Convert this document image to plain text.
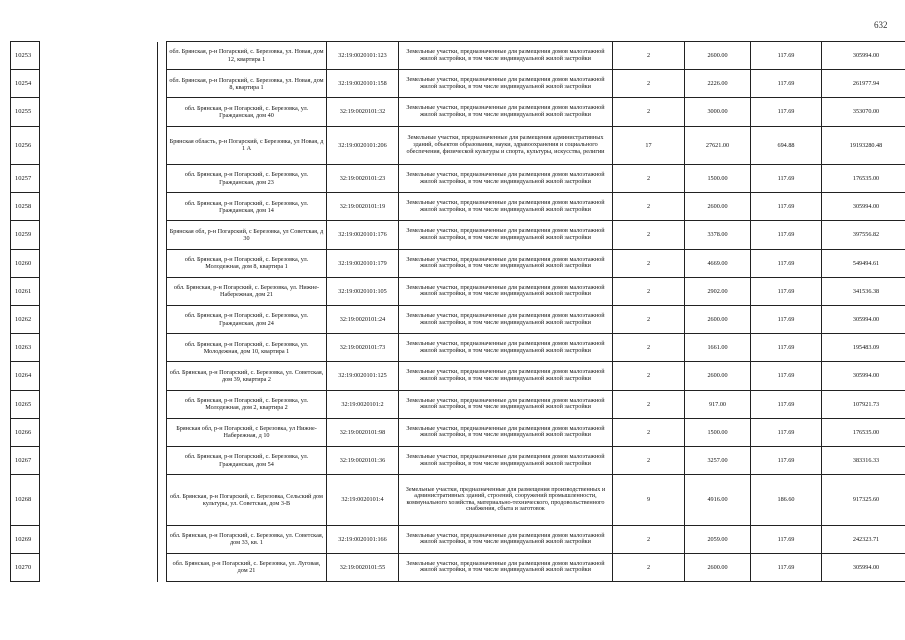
632
10253			обл. Брянская, р-н Погарский, с. Березовка, ул. Новая, дом 12, квартира 1	32:19:0020101:123	Земельные участки, предназначенные для размещения домов малоэтажной жилой застройки, в том числе индивидуальной жилой застройки	2	2600.00	117.69	305994.00
10254			обл. Брянская, р-н Погарский, с. Березовка, ул. Новая, дом 8, квартира 1	32:19:0020101:158	Земельные участки, предназначенные для размещения домов малоэтажной жилой застройки, в том числе индивидуальной жилой застройки	2	2226.00	117.69	261977.94
10255			обл. Брянская, р-н Погарский, с. Березовка, ул. Гражданская, дом 40	32:19:0020101:32	Земельные участки, предназначенные для размещения домов малоэтажной жилой застройки, в том числе индивидуальной жилой застройки	2	3000.00	117.69	353070.00
10256			Брянская область, р-н Погарский, с Березовка, ул Новая, д 1 А	32:19:0020101:206	Земельные участки, предназначенные для размещения административных зданий, объектов образования, науки, здравоохранения и социального обеспечения, физической культуры и спорта, культуры, искусства, религии	17	27621.00	694.88	19193280.48
10257			обл. Брянская, р-н Погарский, с. Березовка, ул. Гражданская, дом 23	32:19:0020101:23	Земельные участки, предназначенные для размещения домов малоэтажной жилой застройки, в том числе индивидуальной жилой застройки	2	1500.00	117.69	176535.00
10258			обл. Брянская, р-н Погарский, с. Березовка, ул. Гражданская, дом 14	32:19:0020101:19	Земельные участки, предназначенные для размещения домов малоэтажной жилой застройки, в том числе индивидуальной жилой застройки	2	2600.00	117.69	305994.00
10259			Брянская обл, р-н Погарский, с Березовка, ул Советская, д 30	32:19:0020101:176	Земельные участки, предназначенные для размещения домов малоэтажной жилой застройки, в том числе индивидуальной жилой застройки	2	3378.00	117.69	397556.82
10260			обл. Брянская, р-н Погарский, с. Березовка, ул. Молодежная, дом 8, квартира 1	32:19:0020101:179	Земельные участки, предназначенные для размещения домов малоэтажной жилой застройки, в том числе индивидуальной жилой застройки	2	4669.00	117.69	549494.61
10261			обл. Брянская, р-н Погарский, с. Березовка, ул. Нижне-Набережная, дом 21	32:19:0020101:105	Земельные участки, предназначенные для размещения домов малоэтажной жилой застройки, в том числе индивидуальной жилой застройки	2	2902.00	117.69	341536.38
10262			обл. Брянская, р-н Погарский, с. Березовка, ул. Гражданская, дом 24	32:19:0020101:24	Земельные участки, предназначенные для размещения домов малоэтажной жилой застройки, в том числе индивидуальной жилой застройки	2	2600.00	117.69	305994.00
10263			обл. Брянская, р-н Погарский, с. Березовка, ул. Молодежная, дом 10, квартира 1	32:19:0020101:73	Земельные участки, предназначенные для размещения домов малоэтажной жилой застройки, в том числе индивидуальной жилой застройки	2	1661.00	117.69	195483.09
10264			обл. Брянская, р-н Погарский, с. Березовка, ул. Советская, дом 39, квартира 2	32:19:0020101:125	Земельные участки, предназначенные для размещения домов малоэтажной жилой застройки, в том числе индивидуальной жилой застройки	2	2600.00	117.69	305994.00
10265			обл. Брянская, р-н Погарский, с. Березовка, ул. Молодежная, дом 2, квартира 2	32:19:0020101:2	Земельные участки, предназначенные для размещения домов малоэтажной жилой застройки, в том числе индивидуальной жилой застройки	2	917.00	117.69	107921.73
10266			Брянская обл, р-н Погарский, с Березовка, ул Нижне-Набережная, д 10	32:19:0020101:98	Земельные участки, предназначенные для размещения домов малоэтажной жилой застройки, в том числе индивидуальной жилой застройки	2	1500.00	117.69	176535.00
10267			обл. Брянская, р-н Погарский, с. Березовка, ул. Гражданская, дом 54	32:19:0020101:36	Земельные участки, предназначенные для размещения домов малоэтажной жилой застройки, в том числе индивидуальной жилой застройки	2	3257.00	117.69	383316.33
10268			обл. Брянская, р-н Погарский, с. Березовка, Сельский дом культуры, ул. Советская, дом 3-В	32:19:0020101:4	Земельные участки, предназначенные для размещения производственных и административных зданий, строений, сооружений промышленности, коммунального хозяйства, материально-технического, продовольственного снабжения, сбыта и заготовок	9	4916.00	186.60	917325.60
10269			обл. Брянская, р-н Погарский, с. Березовка, ул. Советская, дом 33, кв. 1	32:19:0020101:166	Земельные участки, предназначенные для размещения домов малоэтажной жилой застройки, в том числе индивидуальной жилой застройки	2	2059.00	117.69	242323.71
10270			обл. Брянская, р-н Погарский, с. Березовка, ул. Луговая, дом 21	32:19:0020101:55	Земельные участки, предназначенные для размещения домов малоэтажной жилой застройки, в том числе индивидуальной жилой застройки	2	2600.00	117.69	305994.00
